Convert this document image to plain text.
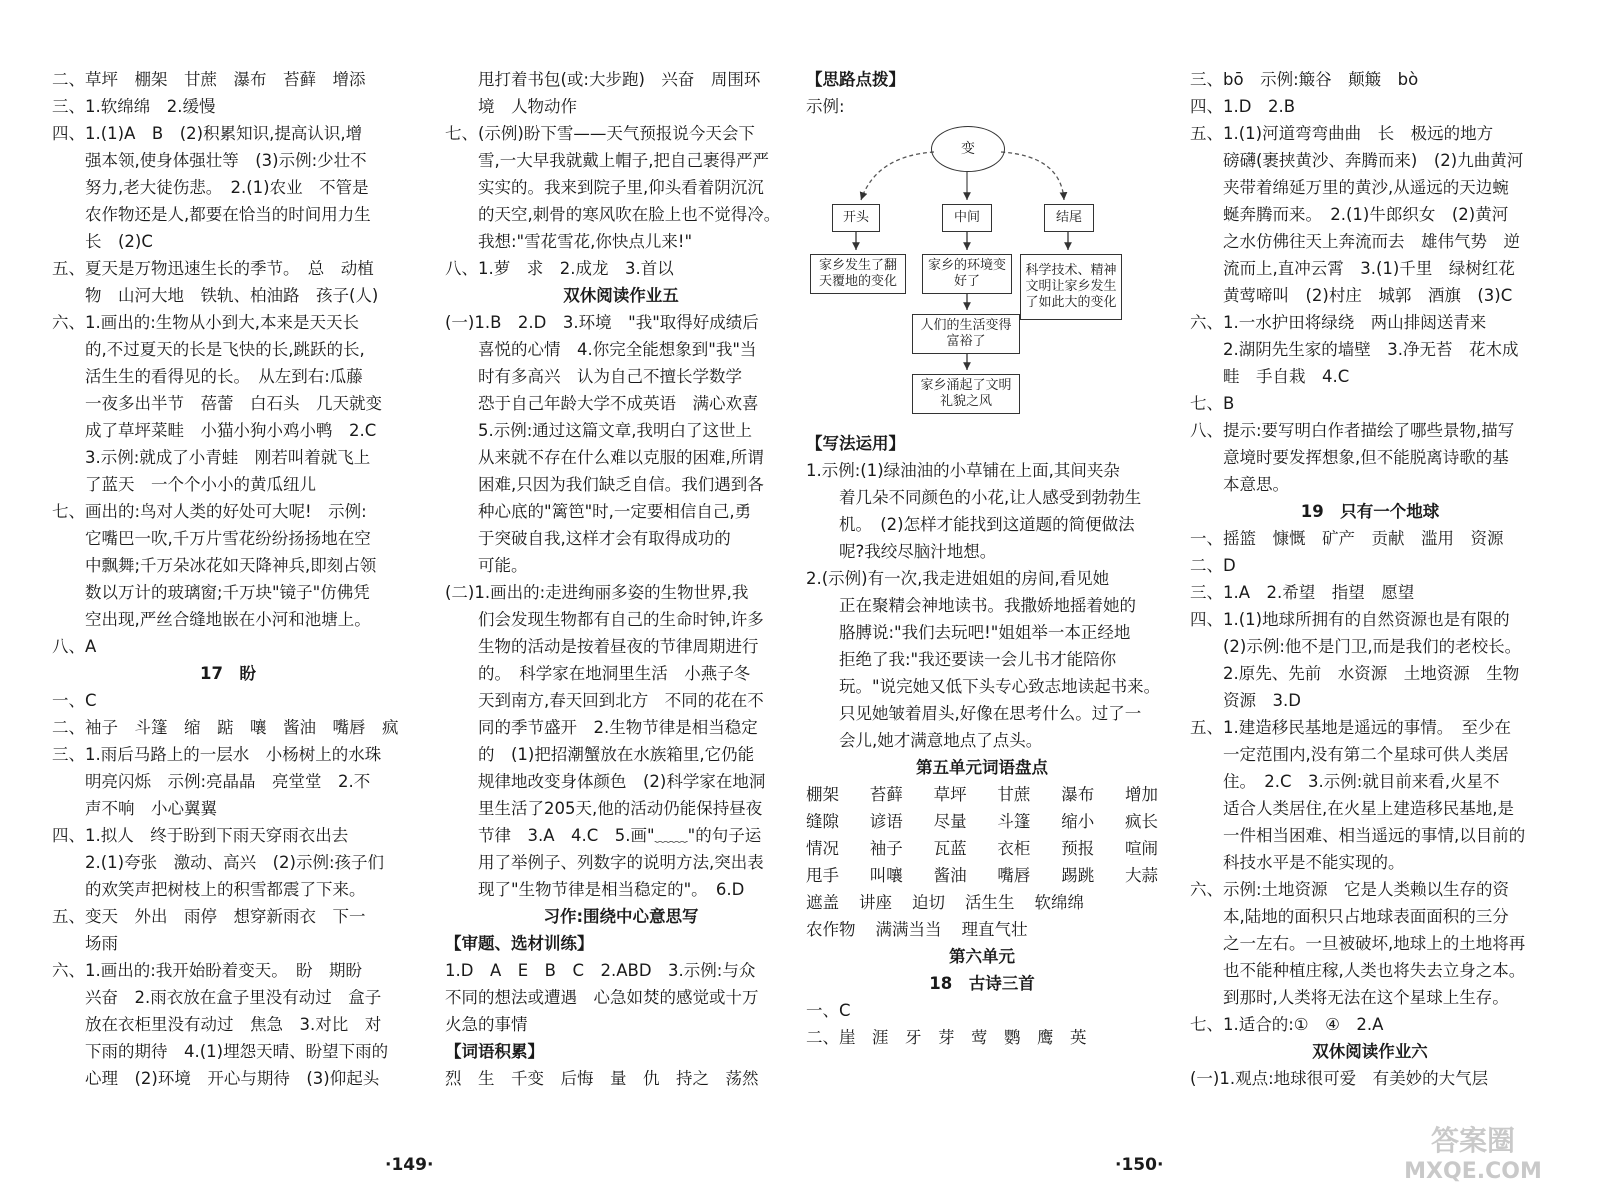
二、草坪　棚架　甘蔗　瀑布　苔藓　增添
三、1.软绵绵　2.缓慢
四、1.(1)A　B　(2)积累知识,提高认识,增
强本领,使身体强壮等　(3)示例:少壮不
努力,老大徒伤悲。　2.(1)农业　不管是
农作物还是人,都要在恰当的时间用力生
长　(2)C
五、夏天是万物迅速生长的季节。　总　动植
物　山河大地　铁轨、柏油路　孩子(人)
六、1.画出的:生物从小到大,本来是天天长
的,不过夏天的长是飞快的长,跳跃的长,
活生生的看得见的长。　从左到右:瓜藤
一夜多出半节　蓓蕾　白石头　几天就变
成了草坪菜畦　小猫小狗小鸡小鸭　2.C
3.示例:就成了小青蛙　刚若叫着就飞上
了蓝天　一个个小小的黄瓜纽儿
七、画出的:鸟对人类的好处可大呢!　示例:
它嘴巴一吹,千万片雪花纷纷扬扬地在空
中飘舞;千万朵冰花如天降神兵,即刻占领
数以万计的玻璃窗;千万块"镜子"仿佛凭
空出现,严丝合缝地嵌在小河和池塘上。
八、A
17　盼
一、C
二、袖子　斗篷　缩　踮　嚷　酱油　嘴唇　疯
三、1.雨后马路上的一层水　小杨树上的水珠
明亮闪烁　示例:亮晶晶　亮堂堂　2.不
声不响　小心翼翼
四、1.拟人　终于盼到下雨天穿雨衣出去
2.(1)夸张　激动、高兴　(2)示例:孩子们
的欢笑声把树枝上的积雪都震了下来。
五、变天　外出　雨停　想穿新雨衣　下一
场雨
六、1.画出的:我开始盼着变天。　盼　期盼
兴奋　2.雨衣放在盒子里没有动过　盒子
放在衣柜里没有动过　焦急　3.对比　对
下雨的期待　4.(1)埋怨天晴、盼望下雨的
心理　(2)环境　开心与期待　(3)仰起头
甩打着书包(或:大步跑)　兴奋　周围环
境　人物动作
七、(示例)盼下雪——天气预报说今天会下
雪,一大早我就戴上帽子,把自己裹得严严
实实的。我来到院子里,仰头看着阴沉沉
的天空,刺骨的寒风吹在脸上也不觉得冷。
我想:"雪花雪花,你快点儿来!"
八、1.萝　求　2.成龙　3.首以
双休阅读作业五
(一)1.B　2.D　3.环境　"我"取得好成绩后
喜悦的心情　4.你完全能想象到"我"当
时有多高兴　认为自己不擅长学数学
恐于自己年龄大学不成英语　满心欢喜
5.示例:通过这篇文章,我明白了这世上
从来就不存在什么难以克服的困难,所谓
困难,只因为我们缺乏自信。我们遇到各
种心底的"篱笆"时,一定要相信自己,勇
于突破自我,这样才会有取得成功的
可能。
(二)1.画出的:走进绚丽多姿的生物世界,我
们会发现生物都有自己的生命时钟,许多
生物的活动是按着昼夜的节律周期进行
的。　科学家在地洞里生活　小燕子冬
天到南方,春天回到北方　不同的花在不
同的季节盛开　2.生物节律是相当稳定
的　(1)把招潮蟹放在水族箱里,它仍能
规律地改变身体颜色　(2)科学家在地洞
里生活了205天,他的活动仍能保持昼夜
节律　3.A　4.C　5.画"﹏﹏"的句子运
用了举例子、列数字的说明方法,突出表
现了"生物节律是相当稳定的"。　6.D
习作:围绕中心意思写
【审题、选材训练】
1.D　A　E　B　C　2.ABD　3.示例:与众
不同的想法或遭遇　心急如焚的感觉或十万
火急的事情
【词语积累】
烈　生　千变　后悔　量　仇　持之　荡然
【思路点拨】
示例:
变
开头	中间	结尾
家乡发生了翻天覆地的变化
家乡的环境变好了
科学技术、精神文明让家乡发生了如此大的变化
人们的生活变得富裕了
家乡涌起了文明礼貌之风
【写法运用】
1.示例:(1)绿油油的小草铺在上面,其间夹杂
着几朵不同颜色的小花,让人感受到勃勃生
机。　(2)怎样才能找到这道题的简便做法
呢?我绞尽脑汁地想。
2.(示例)有一次,我走进姐姐的房间,看见她
正在聚精会神地读书。我撒娇地摇着她的
胳膊说:"我们去玩吧!"姐姐举一本正经地
拒绝了我:"我还要读一会儿书才能陪你
玩。"说完她又低下头专心致志地读起书来。
只见她皱着眉头,好像在思考什么。过了一
会儿,她才满意地点了点头。
第五单元词语盘点
棚架 苔藓 草坪 甘蔗 瀑布 增加
缝隙 谚语 尽量 斗篷 缩小 疯长
情况 袖子 瓦蓝 衣柜 预报 喧闹
甩手 叫嚷 酱油 嘴唇 踢跳 大蒜
遮盖 讲座 迫切 活生生 软绵绵
农作物 满满当当 理直气壮
第六单元
18　古诗三首
一、C
二、崖　涯　牙　芽　莺　鹦　鹰　英
三、bō　示例:簸谷　颠簸　bò
四、1.D　2.B
五、1.(1)河道弯弯曲曲　长　极远的地方
磅礴(裹挟黄沙、奔腾而来)　(2)九曲黄河
夹带着绵延万里的黄沙,从遥远的天边蜿
蜒奔腾而来。　2.(1)牛郎织女　(2)黄河
之水仿佛往天上奔流而去　雄伟气势　逆
流而上,直冲云霄　3.(1)千里　绿树红花
黄莺啼叫　(2)村庄　城郭　酒旗　(3)C
六、1.一水护田将绿绕　两山排闼送青来
2.湖阴先生家的墙壁　3.净无苔　花木成
畦　手自栽　4.C
七、B
八、提示:要写明白作者描绘了哪些景物,描写
意境时要发挥想象,但不能脱离诗歌的基
本意思。
19　只有一个地球
一、摇篮　慷慨　矿产　贡献　滥用　资源
二、D
三、1.A　2.希望　指望　愿望
四、1.(1)地球所拥有的自然资源也是有限的
(2)示例:他不是门卫,而是我们的老校长。
2.原先、先前　水资源　土地资源　生物
资源　3.D
五、1.建造移民基地是遥远的事情。　至少在
一定范围内,没有第二个星球可供人类居
住。　2.C　3.示例:就目前来看,火星不
适合人类居住,在火星上建造移民基地,是
一件相当困难、相当遥远的事情,以目前的
科技水平是不能实现的。
六、示例:土地资源　它是人类赖以生存的资
本,陆地的面积只占地球表面面积的三分
之一左右。一旦被破坏,地球上的土地将再
也不能种植庄稼,人类也将失去立身之本。
到那时,人类将无法在这个星球上生存。
七、1.适合的:①　④　2.A
双休阅读作业六
(一)1.观点:地球很可爱　有美妙的大气层
·149·	·150·
答案圈
MXQE.COM
